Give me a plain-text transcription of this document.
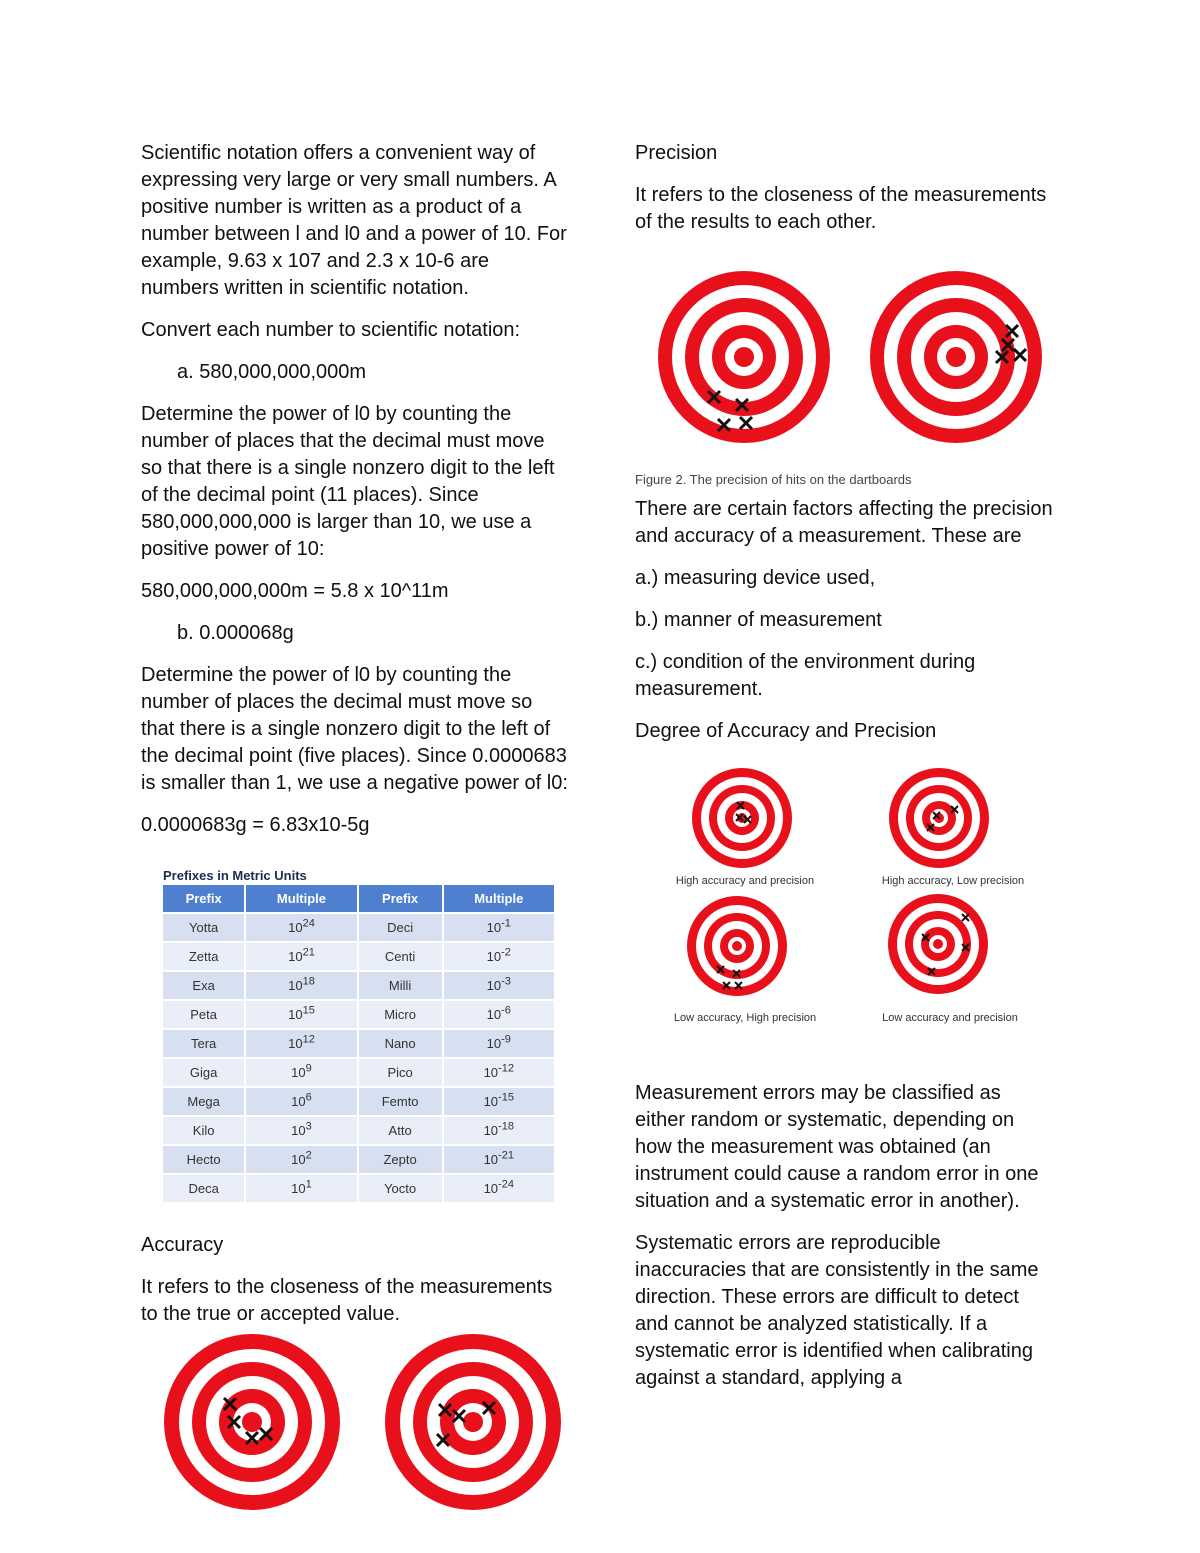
Scientific notation offers a convenient way of expressing very large or very small numbers. A positive number is written as a product of a number between l and l0 and a power of 10. For example, 9.63 x 107 and 2.3 x 10-6 are numbers written in scientific notation.

Convert each number to scientific notation:

a. 580,000,000,000m

Determine the power of l0 by counting the number of places that the decimal must move so that there is a single nonzero digit to the left of the decimal point (11 places). Since 580,000,000,000 is larger than 10, we use a positive power of 10:

580,000,000,000m = 5.8 x 10^11m

b. 0.000068g

Determine the power of l0 by counting the number of places the decimal must move so that there is a single nonzero digit to the left of the decimal point (five places). Since 0.0000683 is smaller than 1, we use a negative power of l0:

0.0000683g = 6.83x10-5g

Prefixes in Metric Units
Prefix	Multiple	Prefix	Multiple
Yotta	$10^{24}$	Deci	$10^{-1}$
Zetta	$10^{21}$	Centi	$10^{-2}$
Exa	$10^{18}$	Milli	$10^{-3}$
Peta	$10^{15}$	Micro	$10^{-6}$
Tera	$10^{12}$	Nano	$10^{-9}$
Giga	$10^9$	Pico	$10^{-12}$
Mega	$10^6$	Femto	$10^{-15}$
Kilo	$10^3$	Atto	$10^{-18}$
Hecto	$10^2$	Zepto	$10^{-21}$
Deca	$10^1$	Yocto	$10^{-24}$

Accuracy

It refers to the closeness of the measurements to the true or accepted value.

Precision

It refers to the closeness of the measurements of the results to each other.

Figure 2. The precision of hits on the dartboards

There are certain factors affecting the precision and accuracy of a measurement. These are

a.) measuring device used,

b.) manner of measurement

c.) condition of the environment during measurement.

Degree of Accuracy and Precision

High accuracy and precision	High accuracy, Low precision
Low accuracy, High precision	Low accuracy and precision

Measurement errors may be classified as either random or systematic, depending on how the measurement was obtained (an instrument could cause a random error in one situation and a systematic error in another).

Systematic errors are reproducible inaccuracies that are consistently in the same direction. These errors are difficult to detect and cannot be analyzed statistically. If a systematic error is identified when calibrating against a standard, applying a
